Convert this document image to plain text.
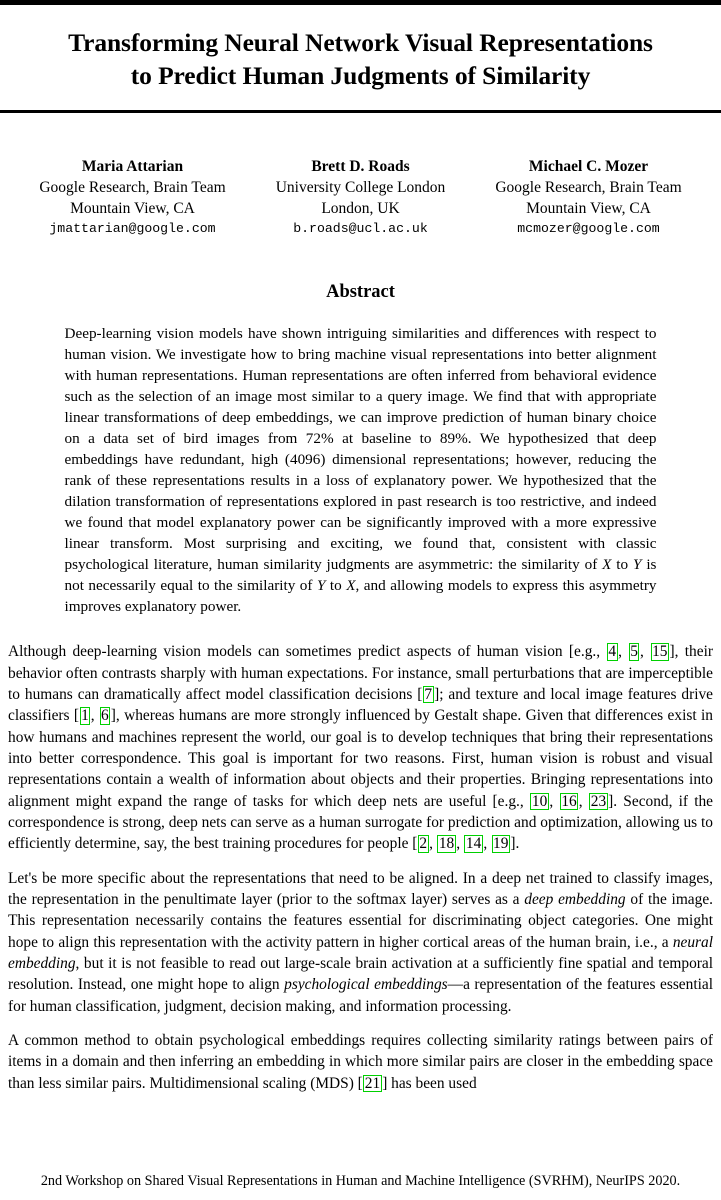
Transforming Neural Network Visual Representations
to Predict Human Judgments of Similarity
Maria Attarian
Google Research, Brain Team
Mountain View, CA
jmattarian@google.com
Brett D. Roads
University College London
London, UK
b.roads@ucl.ac.uk
Michael C. Mozer
Google Research, Brain Team
Mountain View, CA
mcmozer@google.com
Abstract
Deep-learning vision models have shown intriguing similarities and differences with respect to human vision. We investigate how to bring machine visual representations into better alignment with human representations. Human representations are often inferred from behavioral evidence such as the selection of an image most similar to a query image. We find that with appropriate linear transformations of deep embeddings, we can improve prediction of human binary choice on a data set of bird images from 72% at baseline to 89%. We hypothesized that deep embeddings have redundant, high (4096) dimensional representations; however, reducing the rank of these representations results in a loss of explanatory power. We hypothesized that the dilation transformation of representations explored in past research is too restrictive, and indeed we found that model explanatory power can be significantly improved with a more expressive linear transform. Most surprising and exciting, we found that, consistent with classic psychological literature, human similarity judgments are asymmetric: the similarity of X to Y is not necessarily equal to the similarity of Y to X, and allowing models to express this asymmetry improves explanatory power.

Although deep-learning vision models can sometimes predict aspects of human vision [e.g., 4 , 5 , 15 ], their behavior often contrasts sharply with human expectations. For instance, small perturbations that are imperceptible to humans can dramatically affect model classification decisions [ 7 ]; and texture and local image features drive classifiers [ 1 , 6 ], whereas humans are more strongly influenced by Gestalt shape. Given that differences exist in how humans and machines represent the world, our goal is to develop techniques that bring their representations into better correspondence. This goal is important for two reasons. First, human vision is robust and visual representations contain a wealth of information about objects and their properties. Bringing representations into alignment might expand the range of tasks for which deep nets are useful [e.g., 10 , 16 , 23 ]. Second, if the correspondence is strong, deep nets can serve as a human surrogate for prediction and optimization, allowing us to efficiently determine, say, the best training procedures for people [ 2 , 18 , 14 , 19 ].

Let's be more specific about the representations that need to be aligned. In a deep net trained to classify images, the representation in the penultimate layer (prior to the softmax layer) serves as a deep embedding of the image. This representation necessarily contains the features essential for discriminating object categories. One might hope to align this representation with the activity pattern in higher cortical areas of the human brain, i.e., a neural embedding, but it is not feasible to read out large-scale brain activation at a sufficiently fine spatial and temporal resolution. Instead, one might hope to align psychological embeddings—a representation of the features essential for human classification, judgment, decision making, and information processing.

A common method to obtain psychological embeddings requires collecting similarity ratings between pairs of items in a domain and then inferring an embedding in which more similar pairs are closer in the embedding space than less similar pairs. Multidimensional scaling (MDS) [ 21 ] has been used

2nd Workshop on Shared Visual Representations in Human and Machine Intelligence (SVRHM), NeurIPS 2020.
